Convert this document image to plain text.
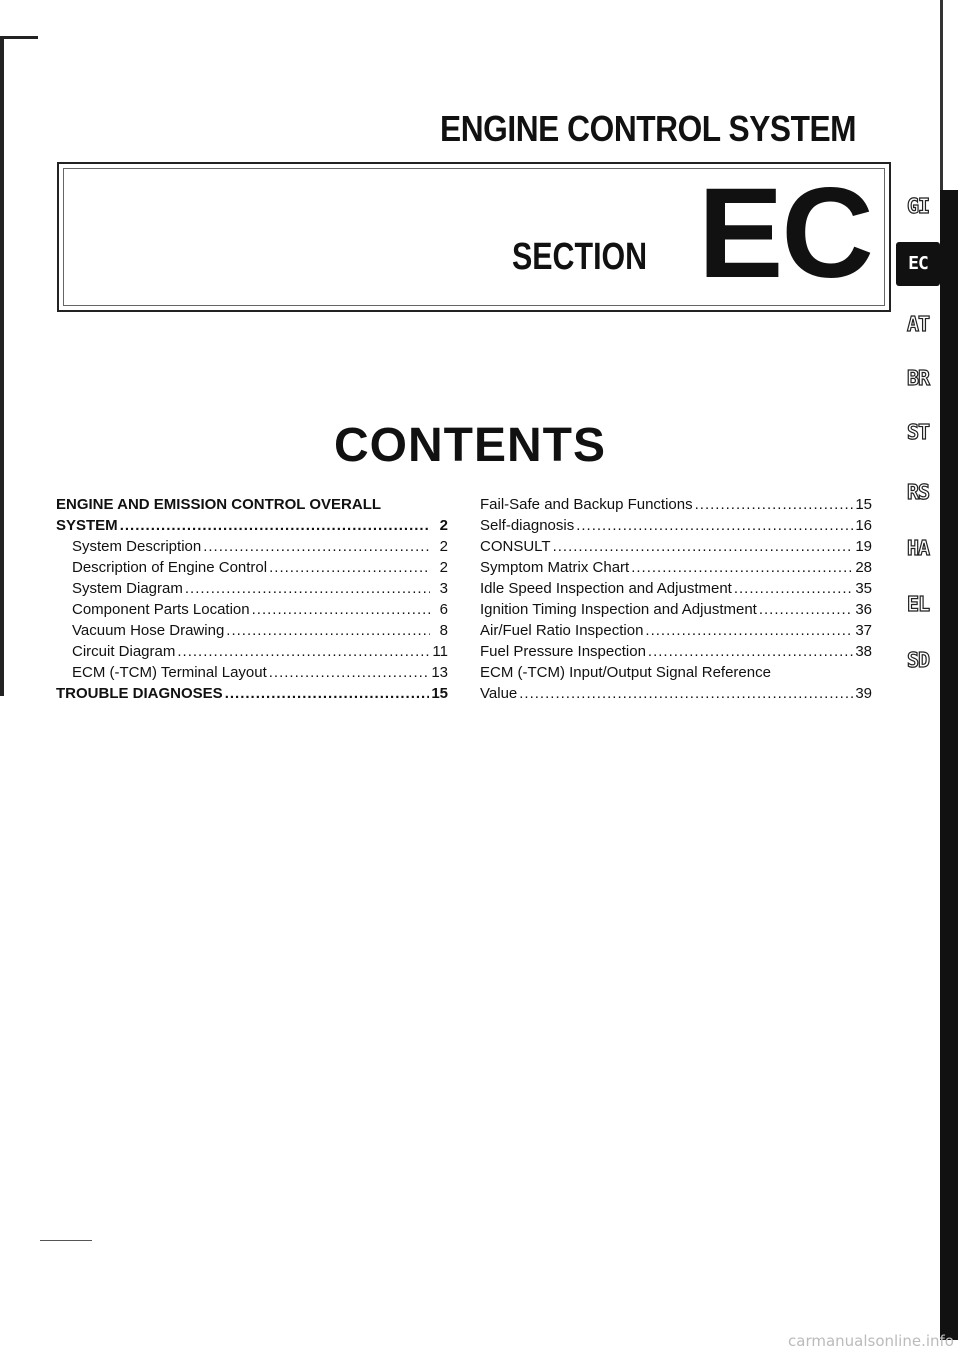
ENGINE CONTROL SYSTEM
SECTION EC	GI
EC
AT
BR
ST
RS
HA
EL
SD
CONTENTS
ENGINE AND EMISSION CONTROL OVERALL
SYSTEM .....	2
System Description .....	2
Description of Engine Control .....	2
System Diagram .....	3
Component Parts Location .....	6
Vacuum Hose Drawing .....	8
Circuit Diagram .....	11
ECM (-TCM) Terminal Layout .....	13
TROUBLE DIAGNOSES .....	15
Fail-Safe and Backup Functions .....	15
Self-diagnosis .....	16
CONSULT .....	19
Symptom Matrix Chart .....	28
Idle Speed Inspection and Adjustment .....	35
Ignition Timing Inspection and Adjustment .....	36
Air/Fuel Ratio Inspection .....	37
Fuel Pressure Inspection .....	38
ECM (-TCM) Input/Output Signal Reference
Value .....	39
carmanualsonline.info
